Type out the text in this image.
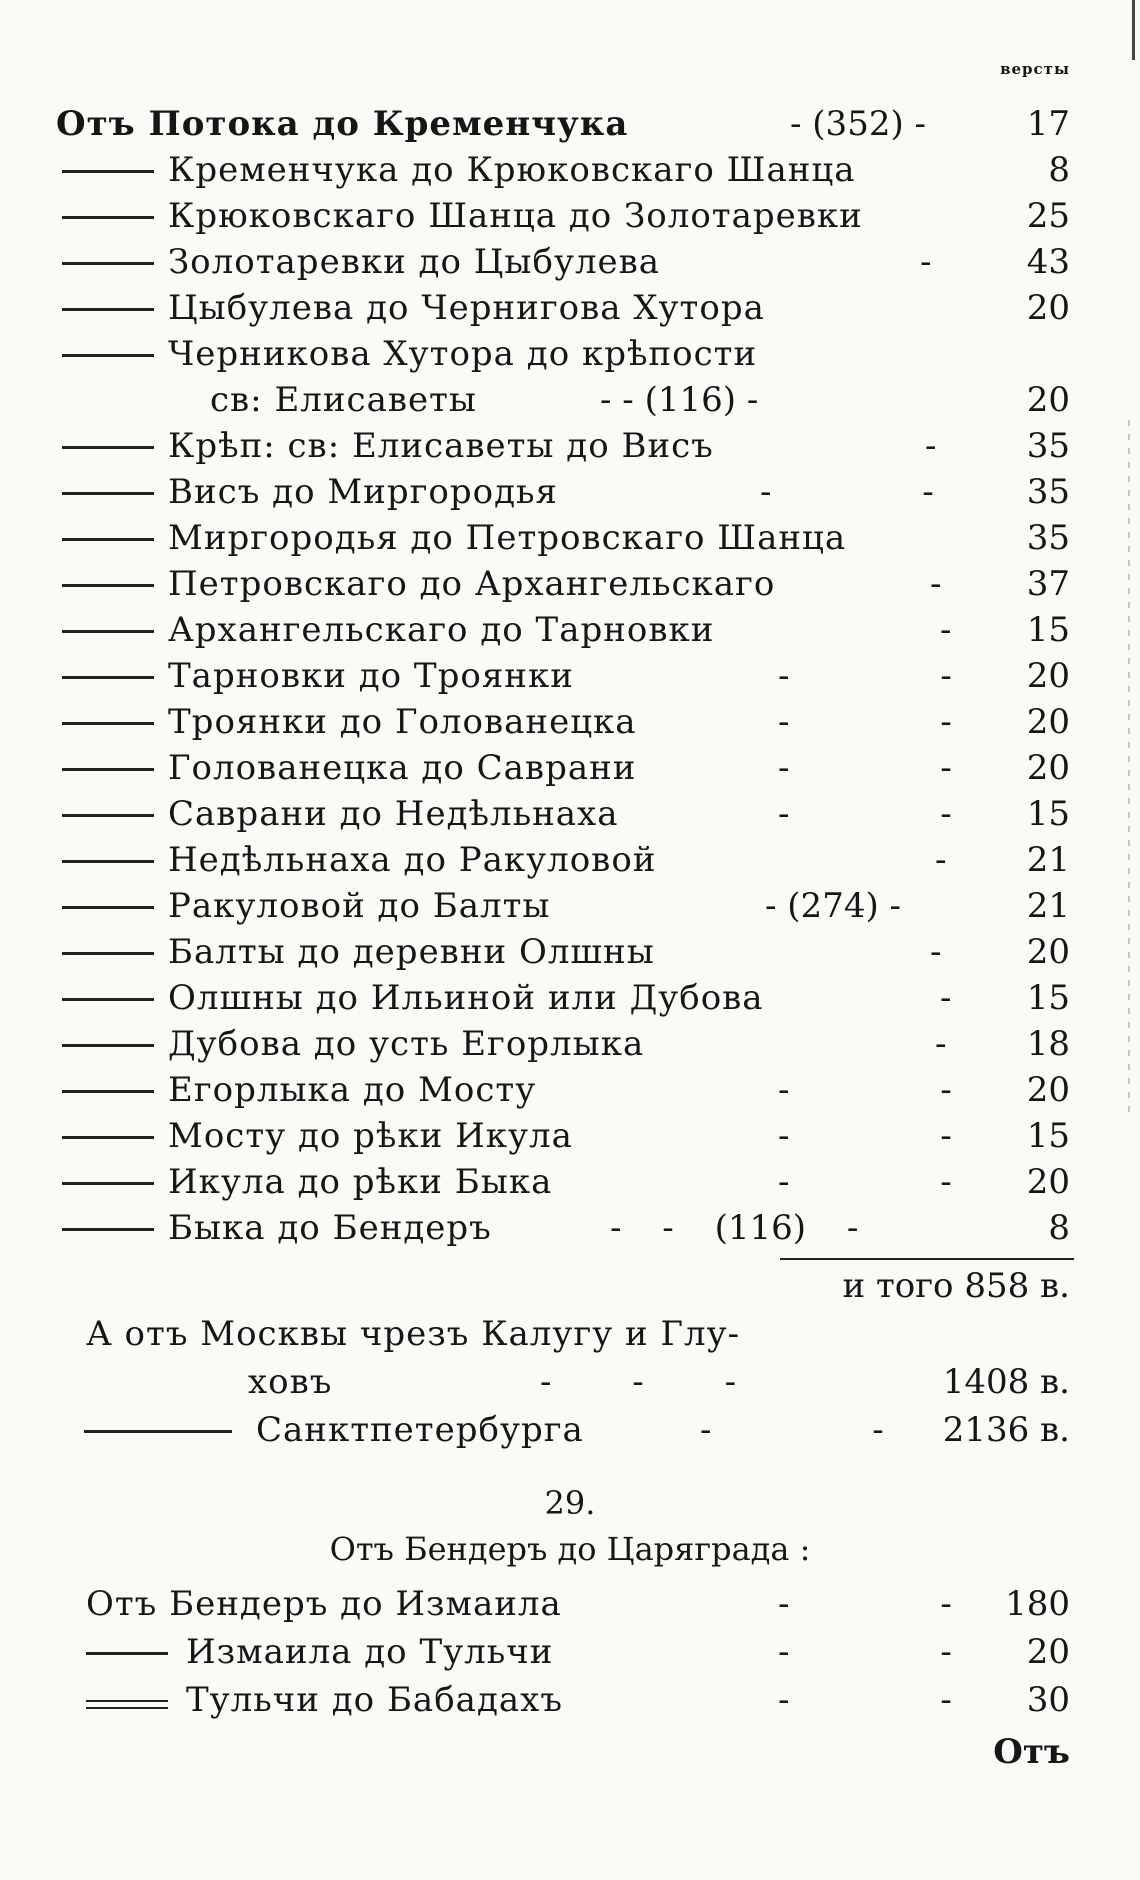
версты
Отъ Потока до Кременчука	- (352) -	17
Кременчука до Крюковскаго Шанца	8
Крюковскаго Шанца до Золотаревки	25
Золотаревки до Цыбулева	-	43
Цыбулева до Чернигова Хутора	20
Черникова Хутора до крѣпости
св: Елисаветы	- - (116) -	20
Крѣп: св: Елисаветы до Висъ	-	35
Висъ до Миргородья	- -	35
Миргородья до Петровскаго Шанца	35
Петровскаго до Архангельскаго	-	37
Архангельскаго до Тарновки	- 15
Тарновки до Троянки	- - 20
Троянки до Голованецка	- - 20
Голованецка до Саврани	- - 20
Саврани до Недѣльнаха	- - 15
Недѣльнаха до Ракуловой	- 21
Ракуловой до Балты	- (274) -	21
Балты до деревни Олшны	-	20
Олшны до Ильиной или Дубова	- 15
Дубова до усть Егорлыка	- 18
Егорлыка до Мосту	- - 20
Мосту до рѣки Икула	- - 15
Икула до рѣки Быка	- - 20
Быка до Бендеръ	- - (116) -	8
и того 858 в.
А отъ Москвы чрезъ Калугу и Глу-
ховъ	- - -	1408 в.
Санктпетербурга	- - 2136 в.
29.
Отъ Бендеръ до Царяграда :
Отъ Бендеръ до Измаила	- - 180
Измаила до Тульчи	- - 20
Тульчи до Бабадахъ	- - 30
Отъ
